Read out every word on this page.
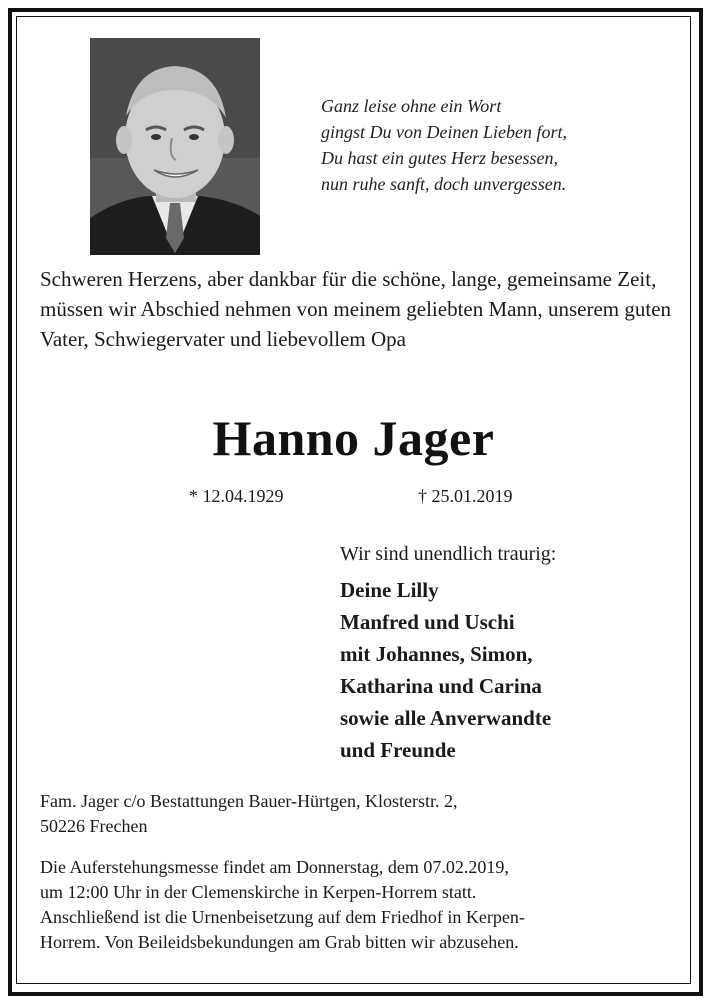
Ganz leise ohne ein Wort
gingst Du von Deinen Lieben fort,
Du hast ein gutes Herz besessen,
nun ruhe sanft, doch unvergessen.
Schweren Herzens, aber dankbar für die schöne, lange, gemeinsame Zeit, müssen wir Abschied nehmen von meinem geliebten Mann, unserem guten Vater, Schwiegervater und liebevollem Opa
Hanno Jager
* 12.04.1929	† 25.01.2019
Wir sind unendlich traurig:
Deine Lilly
Manfred und Uschi
mit Johannes, Simon,
Katharina und Carina
sowie alle Anverwandte
und Freunde
Fam. Jager c/o Bestattungen Bauer-Hürtgen, Klosterstr. 2,
50226 Frechen
Die Auferstehungsmesse findet am Donnerstag, dem 07.02.2019,
um 12:00 Uhr in der Clemenskirche in Kerpen-Horrem statt.
Anschließend ist die Urnenbeisetzung auf dem Friedhof in Kerpen-
Horrem. Von Beileidsbekundungen am Grab bitten wir abzusehen.
